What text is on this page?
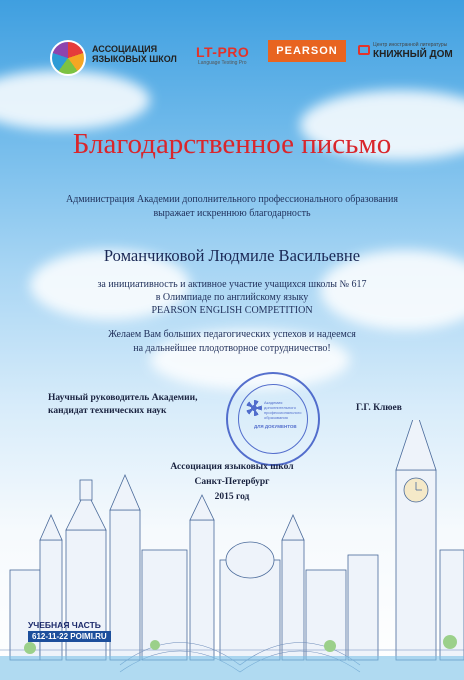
АССОЦИАЦИЯ ЯЗЫКОВЫХ ШКОЛ	LT-PRO
Language Testing Pro
PEARSON	Центр иностранной литературы
КНИЖНЫЙ ДОМ
Благодарственное письмо
Администрация Академии дополнительного профессионального образования
выражает искреннюю благодарность
Романчиковой Людмиле Васильевне
за инициативность и активное участие учащихся школы № 617
в Олимпиаде по английскому языку
PEARSON ENGLISH COMPETITION
Желаем Вам больших педагогических успехов и надеемся
на дальнейшее плодотворное сотрудничество!
Научный руководитель Академии,
кандидат технических наук	Г.Г. Клюев
Академия дополнительного профессионального образования
ДЛЯ ДОКУМЕНТОВ
Ассоциация языковых школ
Санкт-Петербург
2015 год
УЧЕБНАЯ ЧАСТЬ
612-11-22 POIMI.RU
